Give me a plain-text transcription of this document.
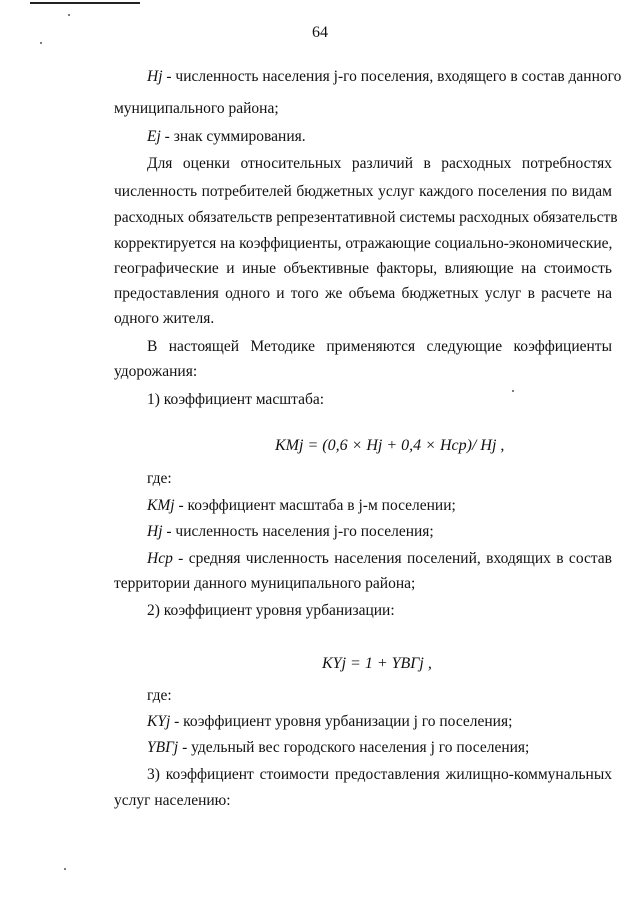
64
Hj - численность населения j-го поселения, входящего в состав данного
муниципального района;
Ej - знак суммирования.
Для оценки относительных различий в расходных потребностях
численность потребителей бюджетных услуг каждого поселения по видам
расходных обязательств репрезентативной системы расходных обязательств
корректируется на коэффициенты, отражающие социально-экономические,
географические и иные объективные факторы, влияющие на стоимость
предоставления одного и того же объема бюджетных услуг в расчете на
одного жителя.
В настоящей Методике применяются следующие коэффициенты
удорожания:
1) коэффициент масштаба:
KMj = (0,6 × Hj + 0,4 × Hcp)/ Hj ,
где:
KMj - коэффициент масштаба в j-м поселении;
Hj - численность населения j-го поселения;
Hcp - средняя численность населения поселений, входящих в состав
территории данного муниципального района;
2) коэффициент уровня урбанизации:
KYj = 1 + YBГj ,
где:
KYj - коэффициент уровня урбанизации j го поселения;
YBГj - удельный вес городского населения j го поселения;
3) коэффициент стоимости предоставления жилищно-коммунальных
услуг населению:
